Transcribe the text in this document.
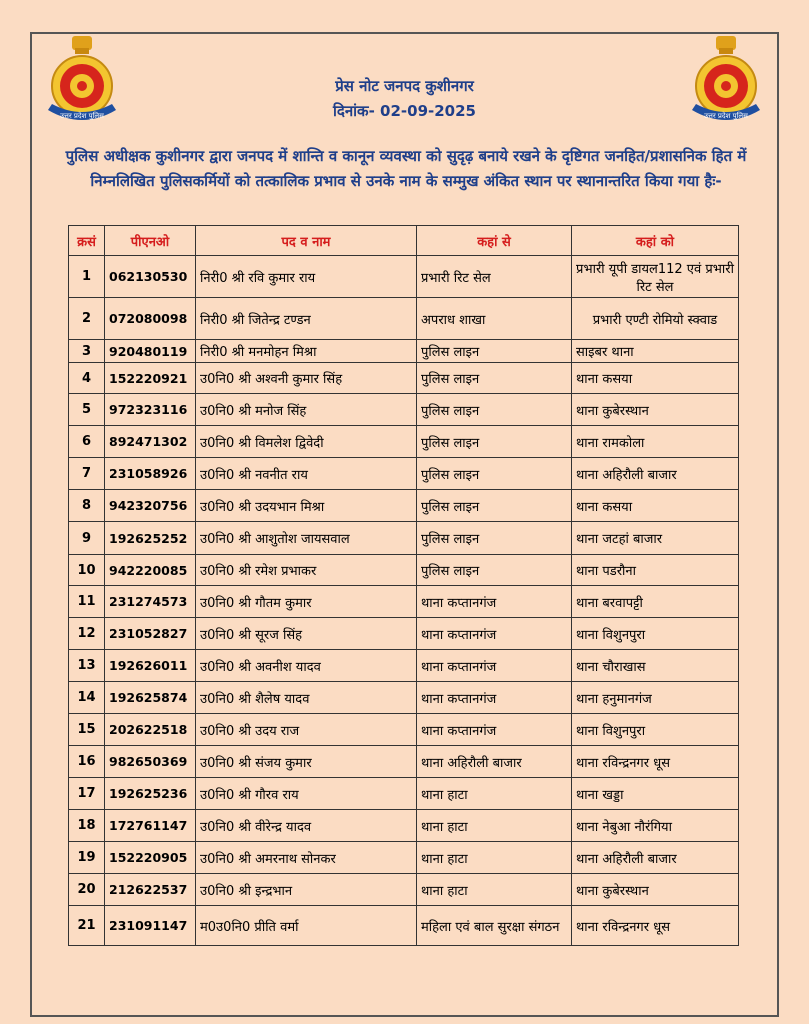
उत्तर प्रदेश पुलिस	उत्तर प्रदेश पुलिस
प्रेस नोट जनपद कुशीनगर
दिनांक- 02-09-2025
पुलिस अधीक्षक कुशीनगर द्वारा जनपद में शान्ति व कानून व्यवस्था को सुदृढ़ बनाये रखने के दृष्टिगत जनहित/प्रशासनिक हित में निम्नलिखित पुलिसकर्मियों को तत्कालिक प्रभाव से उनके नाम के सम्मुख अंकित स्थान पर स्थानान्तरित किया गया हैः-
क्रसं	पीएनओ	पद व नाम	कहां से	कहां को
1	062130530	निरी0 श्री रवि कुमार राय	प्रभारी रिट सेल	प्रभारी यूपी डायल112 एवं प्रभारी रिट सेल
2	072080098	निरी0 श्री जितेन्द्र टण्डन	अपराध शाखा	प्रभारी एण्टी रोमियो स्क्वाड
3	920480119	निरी0 श्री मनमोहन मिश्रा	पुलिस लाइन	साइबर थाना
4	152220921	उ0नि0 श्री अश्वनी कुमार सिंह	पुलिस लाइन	थाना कसया
5	972323116	उ0नि0 श्री मनोज सिंह	पुलिस लाइन	थाना कुबेरस्थान
6	892471302	उ0नि0 श्री विमलेश द्विवेदी	पुलिस लाइन	थाना रामकोला
7	231058926	उ0नि0 श्री नवनीत राय	पुलिस लाइन	थाना अहिरौली बाजार
8	942320756	उ0नि0 श्री उदयभान मिश्रा	पुलिस लाइन	थाना कसया
9	192625252	उ0नि0 श्री आशुतोश जायसवाल	पुलिस लाइन	थाना जटहां बाजार
10	942220085	उ0नि0 श्री रमेश प्रभाकर	पुलिस लाइन	थाना पडरौना
11	231274573	उ0नि0 श्री गौतम कुमार	थाना कप्तानगंज	थाना बरवापट्टी
12	231052827	उ0नि0 श्री सूरज सिंह	थाना कप्तानगंज	थाना विशुनपुरा
13	192626011	उ0नि0 श्री अवनीश यादव	थाना कप्तानगंज	थाना चौराखास
14	192625874	उ0नि0 श्री शैलेष यादव	थाना कप्तानगंज	थाना हनुमानगंज
15	202622518	उ0नि0 श्री उदय राज	थाना कप्तानगंज	थाना विशुनपुरा
16	982650369	उ0नि0 श्री संजय कुमार	थाना अहिरौली बाजार	थाना रविन्द्रनगर धूस
17	192625236	उ0नि0 श्री गौरव राय	थाना हाटा	थाना खड्डा
18	172761147	उ0नि0 श्री वीरेन्द्र यादव	थाना हाटा	थाना नेबुआ नौरंगिया
19	152220905	उ0नि0 श्री अमरनाथ सोनकर	थाना हाटा	थाना अहिरौली बाजार
20	212622537	उ0नि0 श्री इन्द्रभान	थाना हाटा	थाना कुबेरस्थान
21	231091147	म0उ0नि0 प्रीति वर्मा	महिला एवं बाल सुरक्षा संगठन	थाना रविन्द्रनगर धूस
